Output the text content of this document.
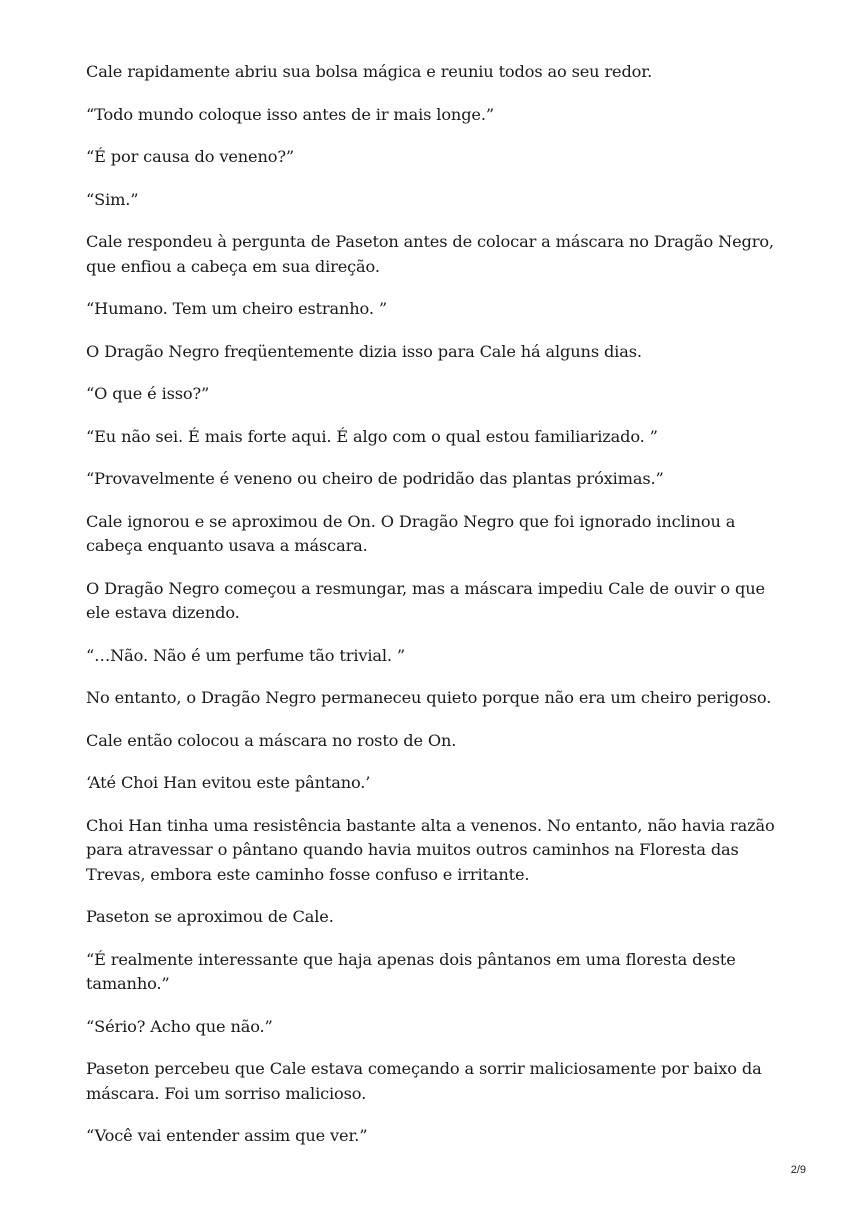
Cale rapidamente abriu sua bolsa mágica e reuniu todos ao seu redor.

“Todo mundo coloque isso antes de ir mais longe.”

“É por causa do veneno?”

“Sim.”

Cale respondeu à pergunta de Paseton antes de colocar a máscara no Dragão Negro, que enfiou a cabeça em sua direção.

“Humano. Tem um cheiro estranho. ”

O Dragão Negro freqüentemente dizia isso para Cale há alguns dias.

“O que é isso?”

“Eu não sei. É mais forte aqui. É algo com o qual estou familiarizado. ”

“Provavelmente é veneno ou cheiro de podridão das plantas próximas.”

Cale ignorou e se aproximou de On. O Dragão Negro que foi ignorado inclinou a cabeça enquanto usava a máscara.

O Dragão Negro começou a resmungar, mas a máscara impediu Cale de ouvir o que ele estava dizendo.

“…Não. Não é um perfume tão trivial. ”

No entanto, o Dragão Negro permaneceu quieto porque não era um cheiro perigoso.

Cale então colocou a máscara no rosto de On.

‘Até Choi Han evitou este pântano.’

Choi Han tinha uma resistência bastante alta a venenos. No entanto, não havia razão para atravessar o pântano quando havia muitos outros caminhos na Floresta das Trevas, embora este caminho fosse confuso e irritante.

Paseton se aproximou de Cale.

“É realmente interessante que haja apenas dois pântanos em uma floresta deste tamanho.”

“Sério? Acho que não.”

Paseton percebeu que Cale estava começando a sorrir maliciosamente por baixo da máscara. Foi um sorriso malicioso.

“Você vai entender assim que ver.”

2/9
